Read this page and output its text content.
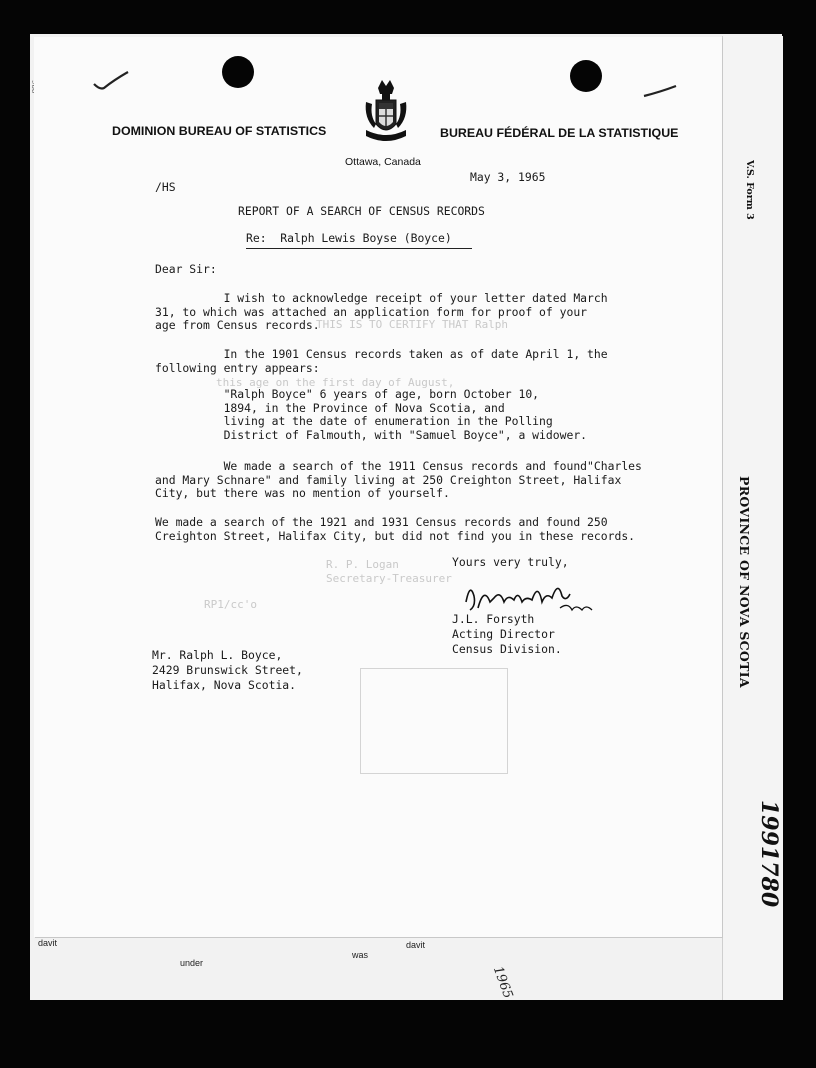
V.S. Form 3
PROVINCE OF NOVA SCOTIA
1991780
davit
under
was
davit
1965
THIS IS TO CERTIFY THAT Ralph
this age on the first day of August,
R. P. Logan
Secretary-Treasurer
RP1/cc'o
DOMINION BUREAU OF STATISTICS	BUREAU FÉDÉRAL DE LA STATISTIQUE
Ottawa, Canada
/HS
May 3, 1965
REPORT OF A SEARCH OF CENSUS RECORDS
Re:  Ralph Lewis Boyse (Boyce)
Dear Sir:
I wish to acknowledge receipt of your letter dated March
31, to which was attached an application form for proof of your
age from Census records.
In the 1901 Census records taken as of date April 1, the
following entry appears:
"Ralph Boyce" 6 years of age, born October 10,
1894, in the Province of Nova Scotia, and
living at the date of enumeration in the Polling
District of Falmouth, with "Samuel Boyce", a widower.
We made a search of the 1911 Census records and found"Charles
and Mary Schnare" and family living at 250 Creighton Street, Halifax
City, but there was no mention of yourself.
We made a search of the 1921 and 1931 Census records and found 250
Creighton Street, Halifax City, but did not find you in these records.
Yours very truly,
J.L. Forsyth
Acting Director
Census Division.
Mr. Ralph L. Boyce,
2429 Brunswick Street,
Halifax, Nova Scotia.
